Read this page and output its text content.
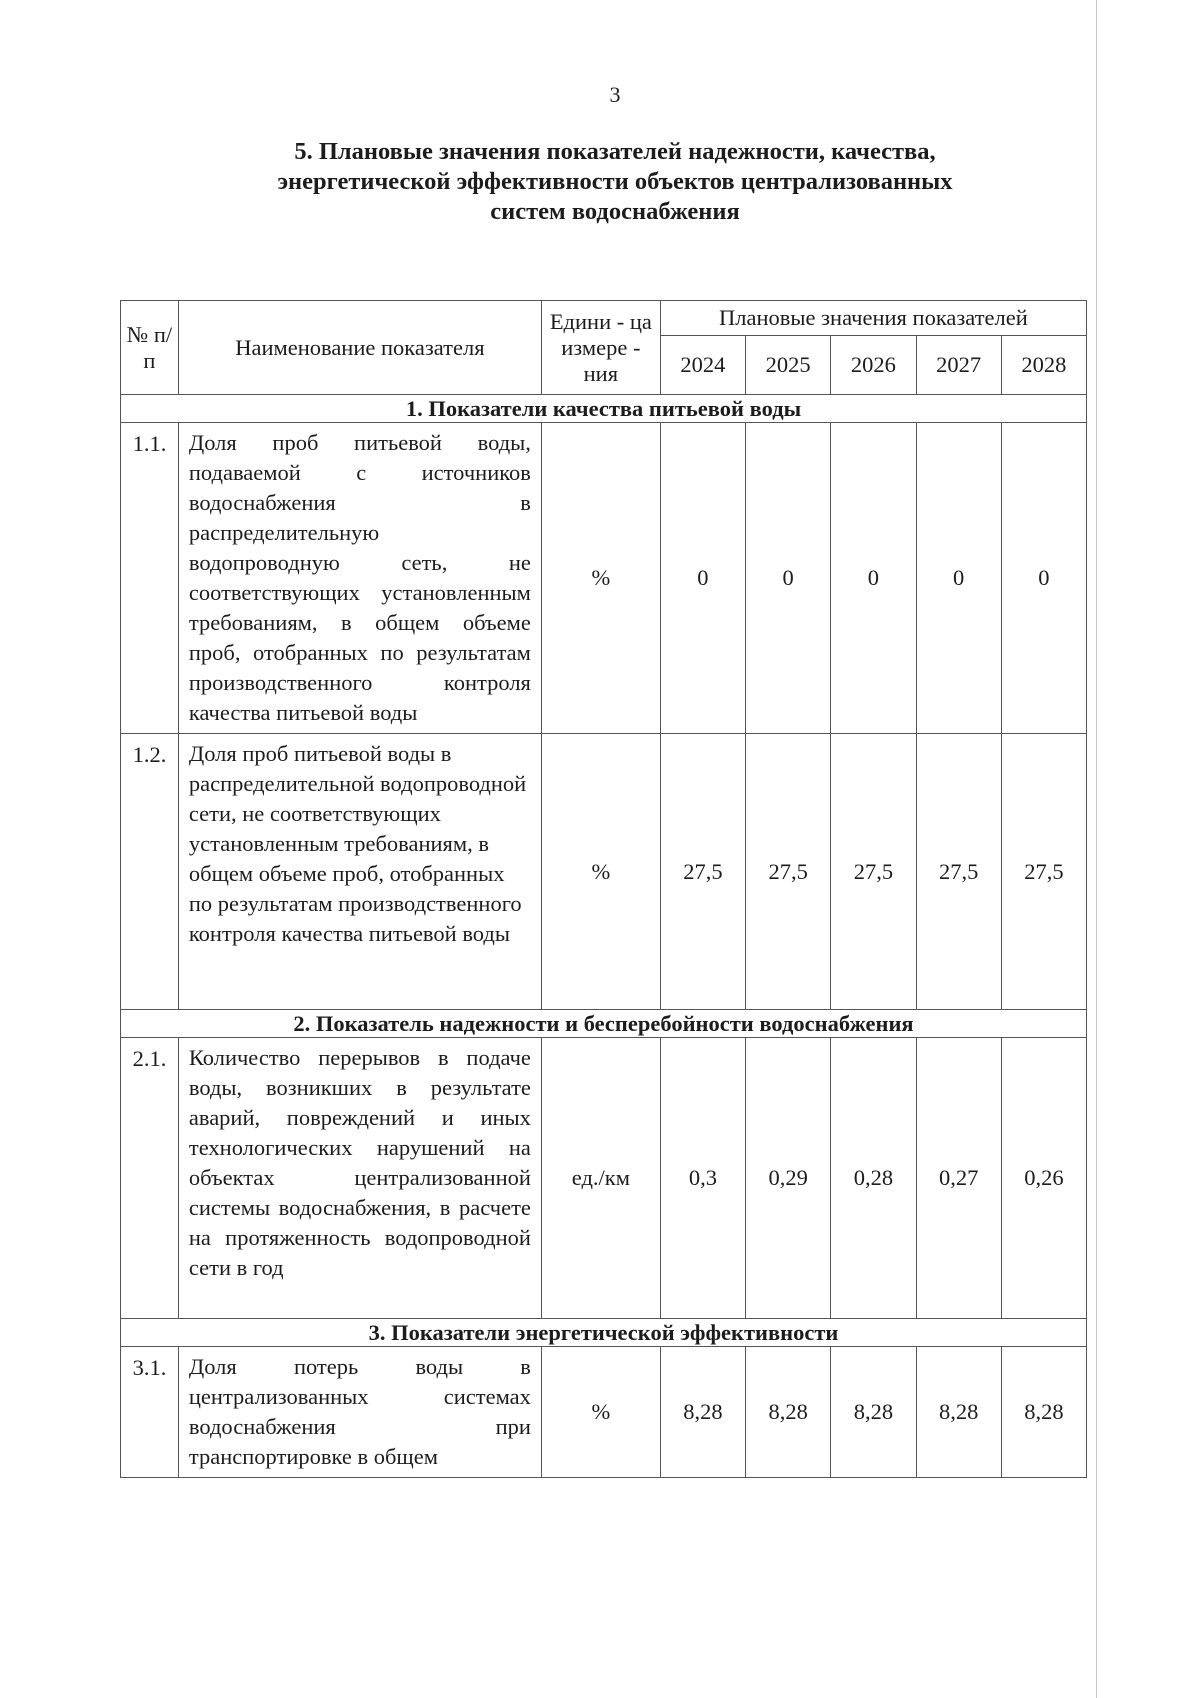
3
5. Плановые значения показателей надежности, качества,
энергетической эффективности объектов централизованных
систем водоснабжения
№ п/п	Наименование показателя	Едини - ца измере - ния	Плановые значения показателей				
			2024	2025	2026	2027	2028
1. Показатели качества питьевой воды							
1.1.	Доля проб питьевой воды, подаваемой с источников водоснабжения в распределительную водопроводную сеть, не соответствующих установленным требованиям, в общем объеме проб, отобранных по результатам производственного контроля качества питьевой воды	%	0	0	0	0	0
1.2.	Доля проб питьевой воды в распределительной водопроводной сети, не соответствующих установленным требованиям, в общем объеме проб, отобранных по результатам производственного контроля качества питьевой воды	%	27,5	27,5	27,5	27,5	27,5
2. Показатель надежности и бесперебойности водоснабжения							
2.1.	Количество перерывов в подаче воды, возникших в результате аварий, повреждений и иных технологических нарушений на объектах централизованной системы водоснабжения, в расчете на протяженность водопроводной сети в год	ед./км	0,3	0,29	0,28	0,27	0,26
3. Показатели энергетической эффективности							
3.1.	Доля потерь воды в централизованных системах водоснабжения при транспортировке в общем	%	8,28	8,28	8,28	8,28	8,28
